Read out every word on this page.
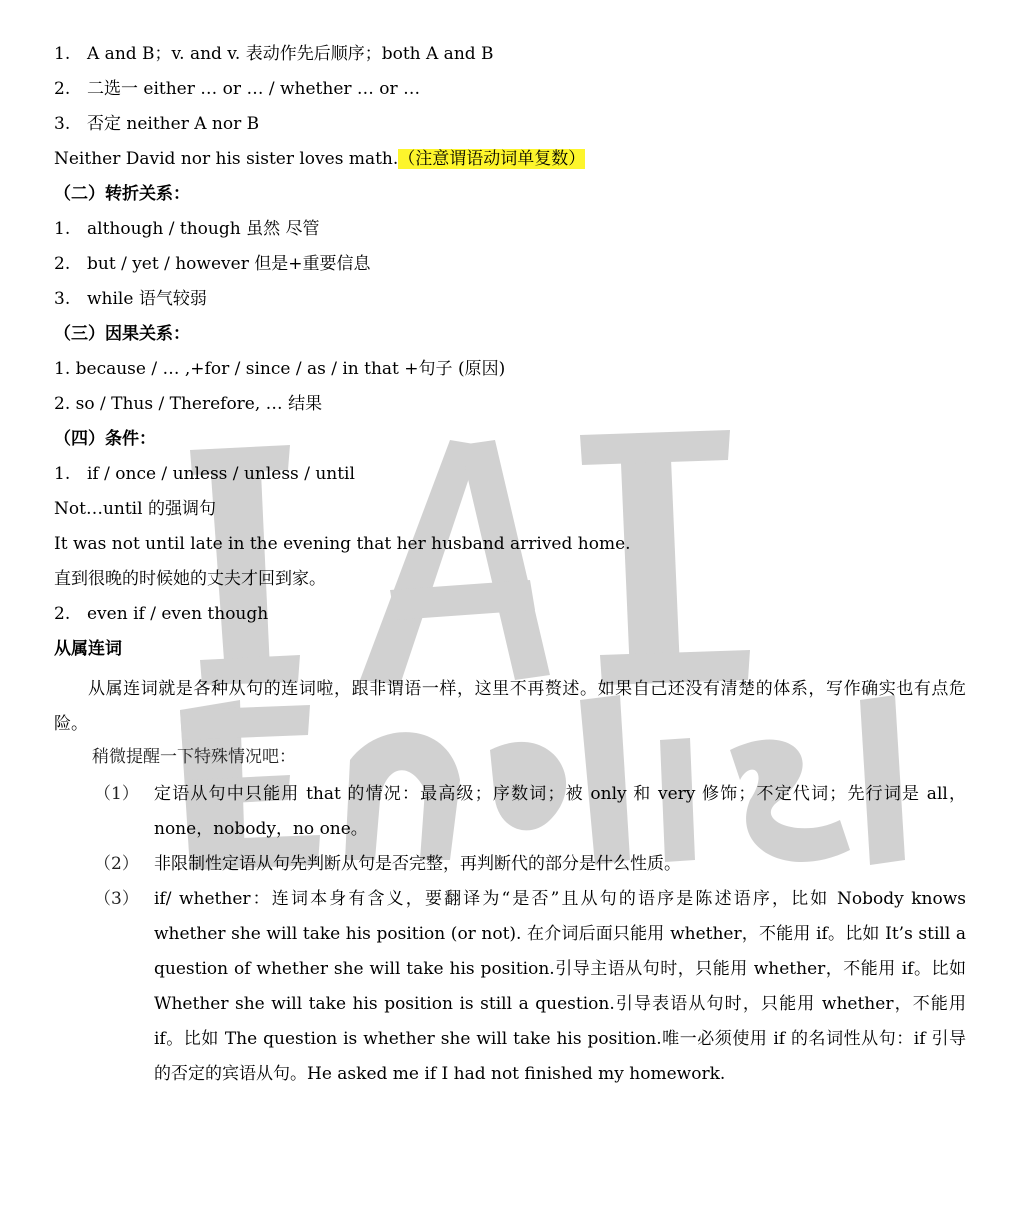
1. A and B；v. and v. 表动作先后顺序；both A and B
2. 二选一 either … or … / whether … or …
3. 否定 neither A nor B
Neither David nor his sister loves math.（注意谓语动词单复数）
（二）转折关系：
1. although / though 虽然 尽管
2. but / yet / however 但是+重要信息
3. while 语气较弱
（三）因果关系：
1. because / … ,+for / since / as / in that +句子 (原因)
2. so / Thus / Therefore, … 结果
（四）条件：
1. if / once / unless / unless / until
Not…until 的强调句
It was not until late in the evening that her husband arrived home.
直到很晚的时候她的丈夫才回到家。
2. even if / even though
从属连词
从属连词就是各种从句的连词啦，跟非谓语一样，这里不再赘述。如果自己还没有清楚的体系，写作确实也有点危险。
稍微提醒一下特殊情况吧：
（1） 定语从句中只能用 that 的情况：最高级；序数词；被 only 和 very 修饰；不定代词；先行词是 all，none，nobody，no one。
（2） 非限制性定语从句先判断从句是否完整，再判断代的部分是什么性质。
（3） if/ whether：连词本身有含义，要翻译为“是否”且从句的语序是陈述语序，比如 Nobody knows whether she will take his position (or not). 在介词后面只能用 whether，不能用 if。比如 It’s still a question of whether she will take his position.引导主语从句时，只能用 whether，不能用 if。比如 Whether she will take his position is still a question.引导表语从句时，只能用 whether，不能用 if。比如 The question is whether she will take his position.唯一必须使用 if 的名词性从句：if 引导的否定的宾语从句。He asked me if I had not finished my homework.
